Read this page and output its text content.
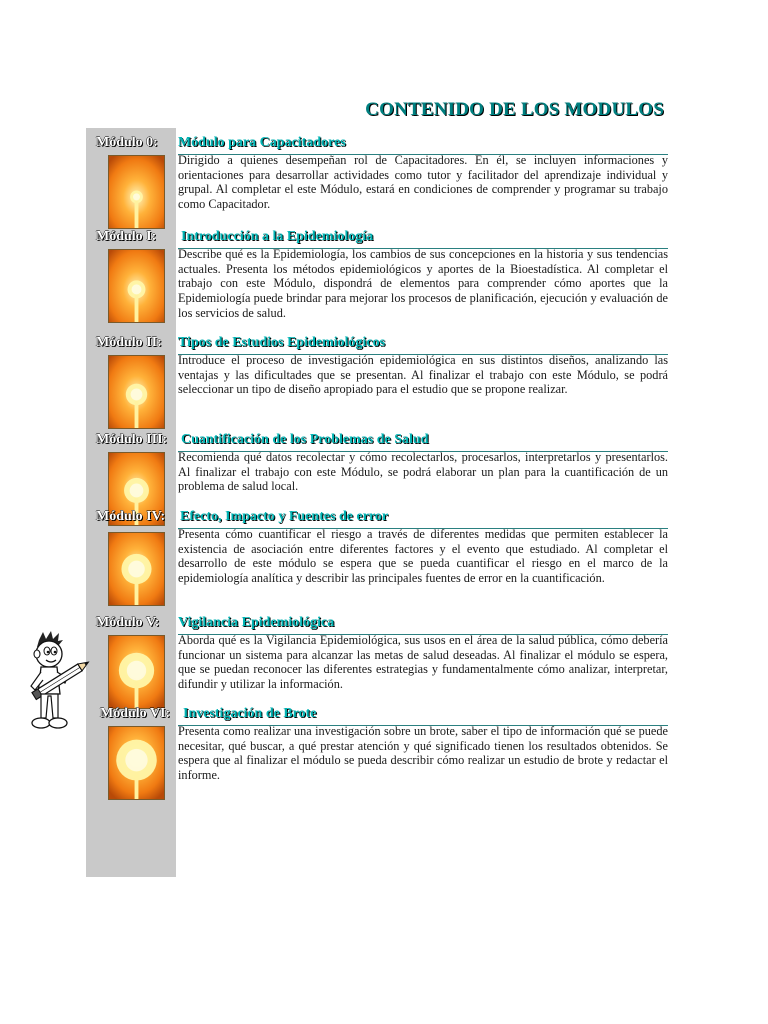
CONTENIDO DE LOS MODULOS
Módulo 0: Módulo para Capacitadores

Dirigido a quienes desempeñan rol de Capacitadores. En él, se incluyen informaciones y orientaciones para desarrollar actividades como tutor y facilitador del aprendizaje individual y grupal. Al completar el este Módulo, estará en condiciones de comprender y programar su trabajo como Capacitador.

Módulo I: Introducción a la Epidemiología

Describe qué es la Epidemiología, los cambios de sus concepciones en la historia y sus tendencias actuales. Presenta los métodos epidemiológicos y aportes de la Bioestadística. Al completar el trabajo con este Módulo, dispondrá de elementos para comprender cómo aportes que la Epidemiología puede brindar para mejorar los procesos de planificación, ejecución y evaluación de los servicios de salud.

Módulo II: Tipos de Estudios Epidemiológicos

Introduce el proceso de investigación epidemiológica en sus distintos diseños, analizando las ventajas y las dificultades que se presentan. Al finalizar el trabajo con este Módulo, se podrá seleccionar un tipo de diseño apropiado para el estudio que se propone realizar.

Módulo III: Cuantificación de los Problemas de Salud

Recomienda qué datos recolectar y cómo recolectarlos, procesarlos, interpretarlos y presentarlos. Al finalizar el trabajo con este Módulo, se podrá elaborar un plan para la cuantificación de un problema de salud local.

Módulo IV: Efecto, Impacto y Fuentes de error

Presenta cómo cuantificar el riesgo a través de diferentes medidas que permiten establecer la existencia de asociación entre diferentes factores y el evento que estudiado. Al completar el desarrollo de este módulo se espera que se pueda cuantificar el riesgo en el marco de la epidemiología analítica y describir las principales fuentes de error en la cuantificación.

Módulo V: Vigilancia Epidemiológica

Aborda qué es la Vigilancia Epidemiológica, sus usos en el área de la salud pública, cómo debería funcionar un sistema para alcanzar las metas de salud deseadas. Al finalizar el módulo se espera, que se puedan reconocer las diferentes estrategias y fundamentalmente cómo analizar, interpretar, difundir y utilizar la información.

Módulo VI: Investigación de Brote

Presenta como realizar una investigación sobre un brote, saber el tipo de información qué se puede necesitar, qué buscar, a qué prestar atención y qué significado tienen los resultados obtenidos. Se espera que al finalizar el módulo se pueda describir cómo realizar un estudio de brote y redactar el informe.
